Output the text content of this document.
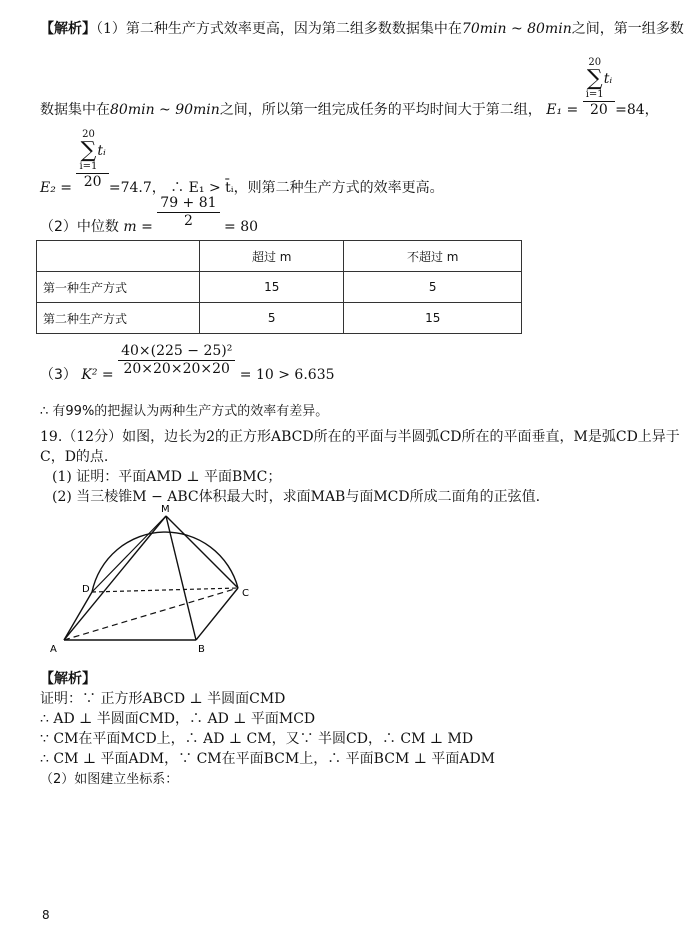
【解析】（1）第二种生产方式效率更高，因为第二组多数数据集中在70min ~ 80min之间，第一组多数
数据集中在80min ~ 90min之间，所以第一组完成任务的平均时间大于第二组， E₁ = 20
∑
i=1
tᵢ
20 =84，
E₂ = 20
∑
i=1
tᵢ
20 =74.7， ∴ E₁ > t̄ᵢ，则第二种生产方式的效率更高。
（2）中位数 $m = \frac{79 + 81}{2} = 80$
	超过 m	不超过 m
第一种生产方式	15	5
第二种生产方式	5	15
（3） $K^2 = \frac{\text{40×(225 − 25)²}}{20\times 20\times 20\times 20} = 10 > 6.635$
∴ 有99%的把握认为两种生产方式的效率有差异。
19.（12分）如图，边长为2的正方形ABCD所在的平面与半圆弧CD所在的平面垂直，M是弧CD上异于
C，D的点.
(1) 证明：平面AMD ⊥ 平面BMC；
(2) 当三棱锥M − ABC体积最大时，求面MAB与面MCD所成二面角的正弦值.
M
D	C
A	B
【解析】
证明：∵ 正方形ABCD ⊥ 半圆面CMD
∴ AD ⊥ 半圆面CMD，∴ AD ⊥ 平面MCD
∵ CM在平面MCD上，∴ AD ⊥ CM，又∵ 半圆CD，∴ CM ⊥ MD
∴ CM ⊥ 平面ADM，∵ CM在平面BCM上，∴ 平面BCM ⊥ 平面ADM
（2）如图建立坐标系：
8
